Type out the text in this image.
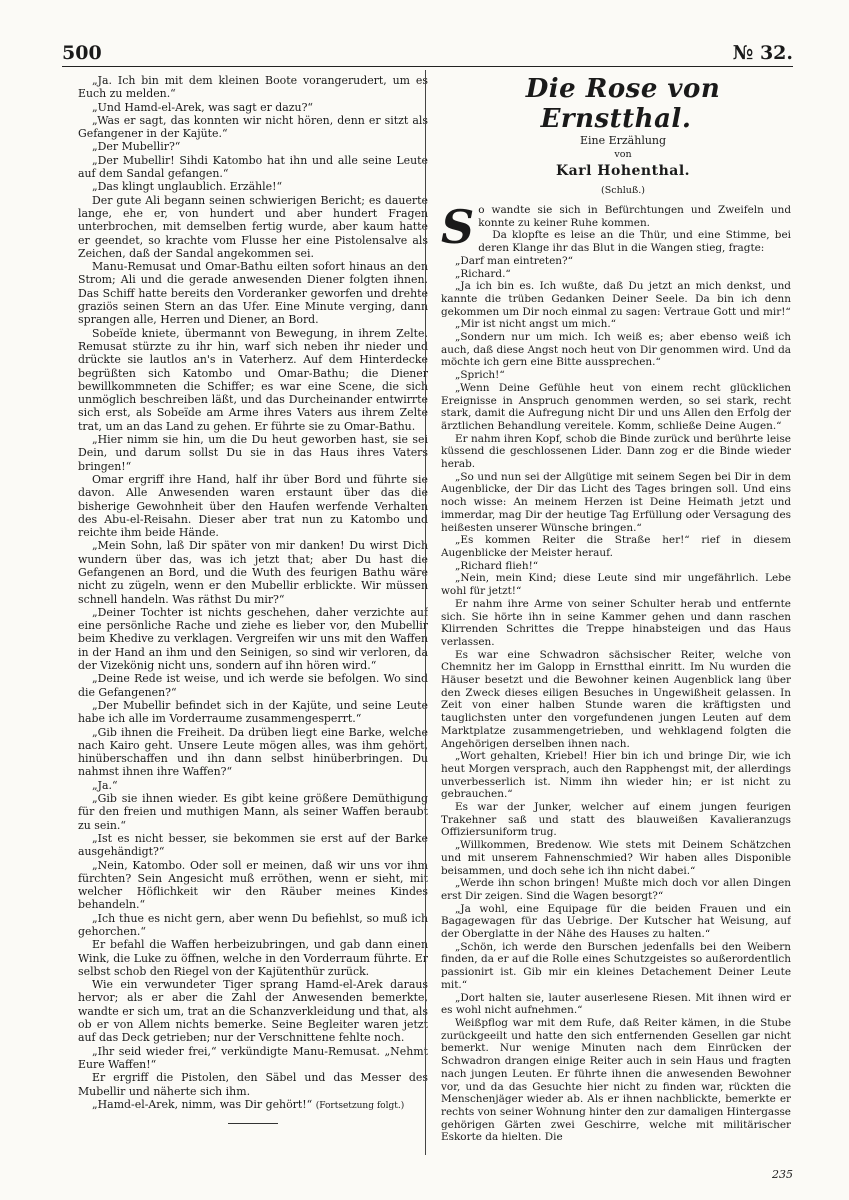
500	№ 32.

„Ja. Ich bin mit dem kleinen Boote vorangerudert, um es Euch zu melden.“

„Und Hamd-el-Arek, was sagt er dazu?“

„Was er sagt, das konnten wir nicht hören, denn er sitzt als Gefangener in der Kajüte.“

„Der Mubellir?“

„Der Mubellir! Sihdi Katombo hat ihn und alle seine Leute auf dem Sandal gefangen.“

„Das klingt unglaublich. Erzähle!“

Der gute Ali begann seinen schwierigen Bericht; es dauerte lange, ehe er, von hundert und aber hundert Fragen unterbrochen, mit demselben fertig wurde, aber kaum hatte er geendet, so krachte vom Flusse her eine Pistolensalve als Zeichen, daß der Sandal angekommen sei.

Manu-Remusat und Omar-Bathu eilten sofort hinaus an den Strom; Ali und die gerade anwesenden Diener folgten ihnen. Das Schiff hatte bereits den Vorderanker geworfen und drehte graziös seinen Stern an das Ufer. Eine Minute verging, dann sprangen alle, Herren und Diener, an Bord.

Sobeïde kniete, übermannt von Bewegung, in ihrem Zelte. Remusat stürzte zu ihr hin, warf sich neben ihr nieder und drückte sie lautlos an's in Vaterherz. Auf dem Hinterdecke begrüßten sich Katombo und Omar-Bathu; die Diener bewillkommneten die Schiffer; es war eine Scene, die sich unmöglich beschreiben läßt, und das Durcheinander entwirrte sich erst, als Sobeïde am Arme ihres Vaters aus ihrem Zelte trat, um an das Land zu gehen. Er führte sie zu Omar-Bathu.

„Hier nimm sie hin, um die Du heut geworben hast, sie sei Dein, und darum sollst Du sie in das Haus ihres Vaters bringen!“

Omar ergriff ihre Hand, half ihr über Bord und führte sie davon. Alle Anwesenden waren erstaunt über das die bisherige Gewohnheit über den Haufen werfende Verhalten des Abu-el-Reisahn. Dieser aber trat nun zu Katombo und reichte ihm beide Hände.

„Mein Sohn, laß Dir später von mir danken! Du wirst Dich wundern über das, was ich jetzt that; aber Du hast die Gefangenen an Bord, und die Wuth des feurigen Bathu wäre nicht zu zügeln, wenn er den Mubellir erblickte. Wir müssen schnell handeln. Was räthst Du mir?“

„Deiner Tochter ist nichts geschehen, daher verzichte auf eine persönliche Rache und ziehe es lieber vor, den Mubellir beim Khedive zu verklagen. Vergreifen wir uns mit den Waffen in der Hand an ihm und den Seinigen, so sind wir verloren, da der Vizekönig nicht uns, sondern auf ihn hören wird.“

„Deine Rede ist weise, und ich werde sie befolgen. Wo sind die Gefangenen?“

„Der Mubellir befindet sich in der Kajüte, und seine Leute habe ich alle im Vorderraume zusammengesperrt.“

„Gib ihnen die Freiheit. Da drüben liegt eine Barke, welche nach Kairo geht. Unsere Leute mögen alles, was ihm gehört, hinüberschaffen und ihn dann selbst hinüberbringen. Du nahmst ihnen ihre Waffen?“

„Ja.“

„Gib sie ihnen wieder. Es gibt keine größere Demüthigung für den freien und muthigen Mann, als seiner Waffen beraubt zu sein.“

„Ist es nicht besser, sie bekommen sie erst auf der Barke ausgehändigt?“

„Nein, Katombo. Oder soll er meinen, daß wir uns vor ihm fürchten? Sein Angesicht muß erröthen, wenn er sieht, mit welcher Höflichkeit wir den Räuber meines Kindes behandeln.“

„Ich thue es nicht gern, aber wenn Du befiehlst, so muß ich gehorchen.“

Er befahl die Waffen herbeizubringen, und gab dann einen Wink, die Luke zu öffnen, welche in den Vorderraum führte. Er selbst schob den Riegel von der Kajütenthür zurück.

Wie ein verwundeter Tiger sprang Hamd-el-Arek daraus hervor; als er aber die Zahl der Anwesenden bemerkte, wandte er sich um, trat an die Schanzverkleidung und that, als ob er von Allem nichts bemerke. Seine Begleiter waren jetzt auf das Deck getrieben; nur der Verschnittene fehlte noch.

„Ihr seid wieder frei,“ verkündigte Manu-Remusat. „Nehmt Eure Waffen!“

Er ergriff die Pistolen, den Säbel und das Messer des Mubellir und näherte sich ihm.

„Hamd-el-Arek, nimm, was Dir gehört!“ (Fortsetzung folgt.)

Die Rose von Ernstthal.

Eine Erzählung

von

Karl Hohenthal.

(Schluß.)

So wandte sie sich in Befürchtungen und Zweifeln und konnte zu keiner Ruhe kommen.

Da klopfte es leise an die Thür, und eine Stimme, bei deren Klange ihr das Blut in die Wangen stieg, fragte:

„Darf man eintreten?“

„Richard.“

„Ja ich bin es. Ich wußte, daß Du jetzt an mich denkst, und kannte die trüben Gedanken Deiner Seele. Da bin ich denn gekommen um Dir noch einmal zu sagen: Vertraue Gott und mir!“

„Mir ist nicht angst um mich.“

„Sondern nur um mich. Ich weiß es; aber ebenso weiß ich auch, daß diese Angst noch heut von Dir genommen wird. Und da möchte ich gern eine Bitte aussprechen.“

„Sprich!“

„Wenn Deine Gefühle heut von einem recht glücklichen Ereignisse in Anspruch genommen werden, so sei stark, recht stark, damit die Aufregung nicht Dir und uns Allen den Erfolg der ärztlichen Behandlung vereitele. Komm, schließe Deine Augen.“

Er nahm ihren Kopf, schob die Binde zurück und berührte leise küssend die geschlossenen Lider. Dann zog er die Binde wieder herab.

„So und nun sei der Allgütige mit seinem Segen bei Dir in dem Augenblicke, der Dir das Licht des Tages bringen soll. Und eins noch wisse: An meinem Herzen ist Deine Heimath jetzt und immerdar, mag Dir der heutige Tag Erfüllung oder Versagung des heißesten unserer Wünsche bringen.“

„Es kommen Reiter die Straße her!“ rief in diesem Augenblicke der Meister herauf.

„Richard flieh!“

„Nein, mein Kind; diese Leute sind mir ungefährlich. Lebe wohl für jetzt!“

Er nahm ihre Arme von seiner Schulter herab und entfernte sich. Sie hörte ihn in seine Kammer gehen und dann raschen Klirrenden Schrittes die Treppe hinabsteigen und das Haus verlassen.

Es war eine Schwadron sächsischer Reiter, welche von Chemnitz her im Galopp in Ernstthal einritt. Im Nu wurden die Häuser besetzt und die Bewohner keinen Augenblick lang über den Zweck dieses eiligen Besuches in Ungewißheit gelassen. In Zeit von einer halben Stunde waren die kräftigsten und tauglichsten unter den vorgefundenen jungen Leuten auf dem Marktplatze zusammengetrieben, und wehklagend folgten die Angehörigen derselben ihnen nach.

„Wort gehalten, Kriebel! Hier bin ich und bringe Dir, wie ich heut Morgen versprach, auch den Rapphengst mit, der allerdings unverbesserlich ist. Nimm ihn wieder hin; er ist nicht zu gebrauchen.“

Es war der Junker, welcher auf einem jungen feurigen Trakehner saß und statt des blauweißen Kavalieranzugs Offiziersuniform trug.

„Willkommen, Bredenow. Wie stets mit Deinem Schätzchen und mit unserem Fahnenschmied? Wir haben alles Disponible beisammen, und doch sehe ich ihn nicht dabei.“

„Werde ihn schon bringen! Mußte mich doch vor allen Dingen erst Dir zeigen. Sind die Wagen besorgt?“

„Ja wohl, eine Equipage für die beiden Frauen und ein Bagagewagen für das Uebrige. Der Kutscher hat Weisung, auf der Oberglatte in der Nähe des Hauses zu halten.“

„Schön, ich werde den Burschen jedenfalls bei den Weibern finden, da er auf die Rolle eines Schutzgeistes so außerordentlich passionirt ist. Gib mir ein kleines Detachement Deiner Leute mit.“

„Dort halten sie, lauter auserlesene Riesen. Mit ihnen wird er es wohl nicht aufnehmen.“

Weißpflog war mit dem Rufe, daß Reiter kämen, in die Stube zurückgeeilt und hatte den sich entfernenden Gesellen gar nicht bemerkt. Nur wenige Minuten nach dem Einrücken der Schwadron drangen einige Reiter auch in sein Haus und fragten nach jungen Leuten. Er führte ihnen die anwesenden Bewohner vor, und da das Gesuchte hier nicht zu finden war, rückten die Menschenjäger wieder ab. Als er ihnen nachblickte, bemerkte er rechts von seiner Wohnung hinter den zur damaligen Hintergasse gehörigen Gärten zwei Geschirre, welche mit militärischer Eskorte da hielten. Die

235
